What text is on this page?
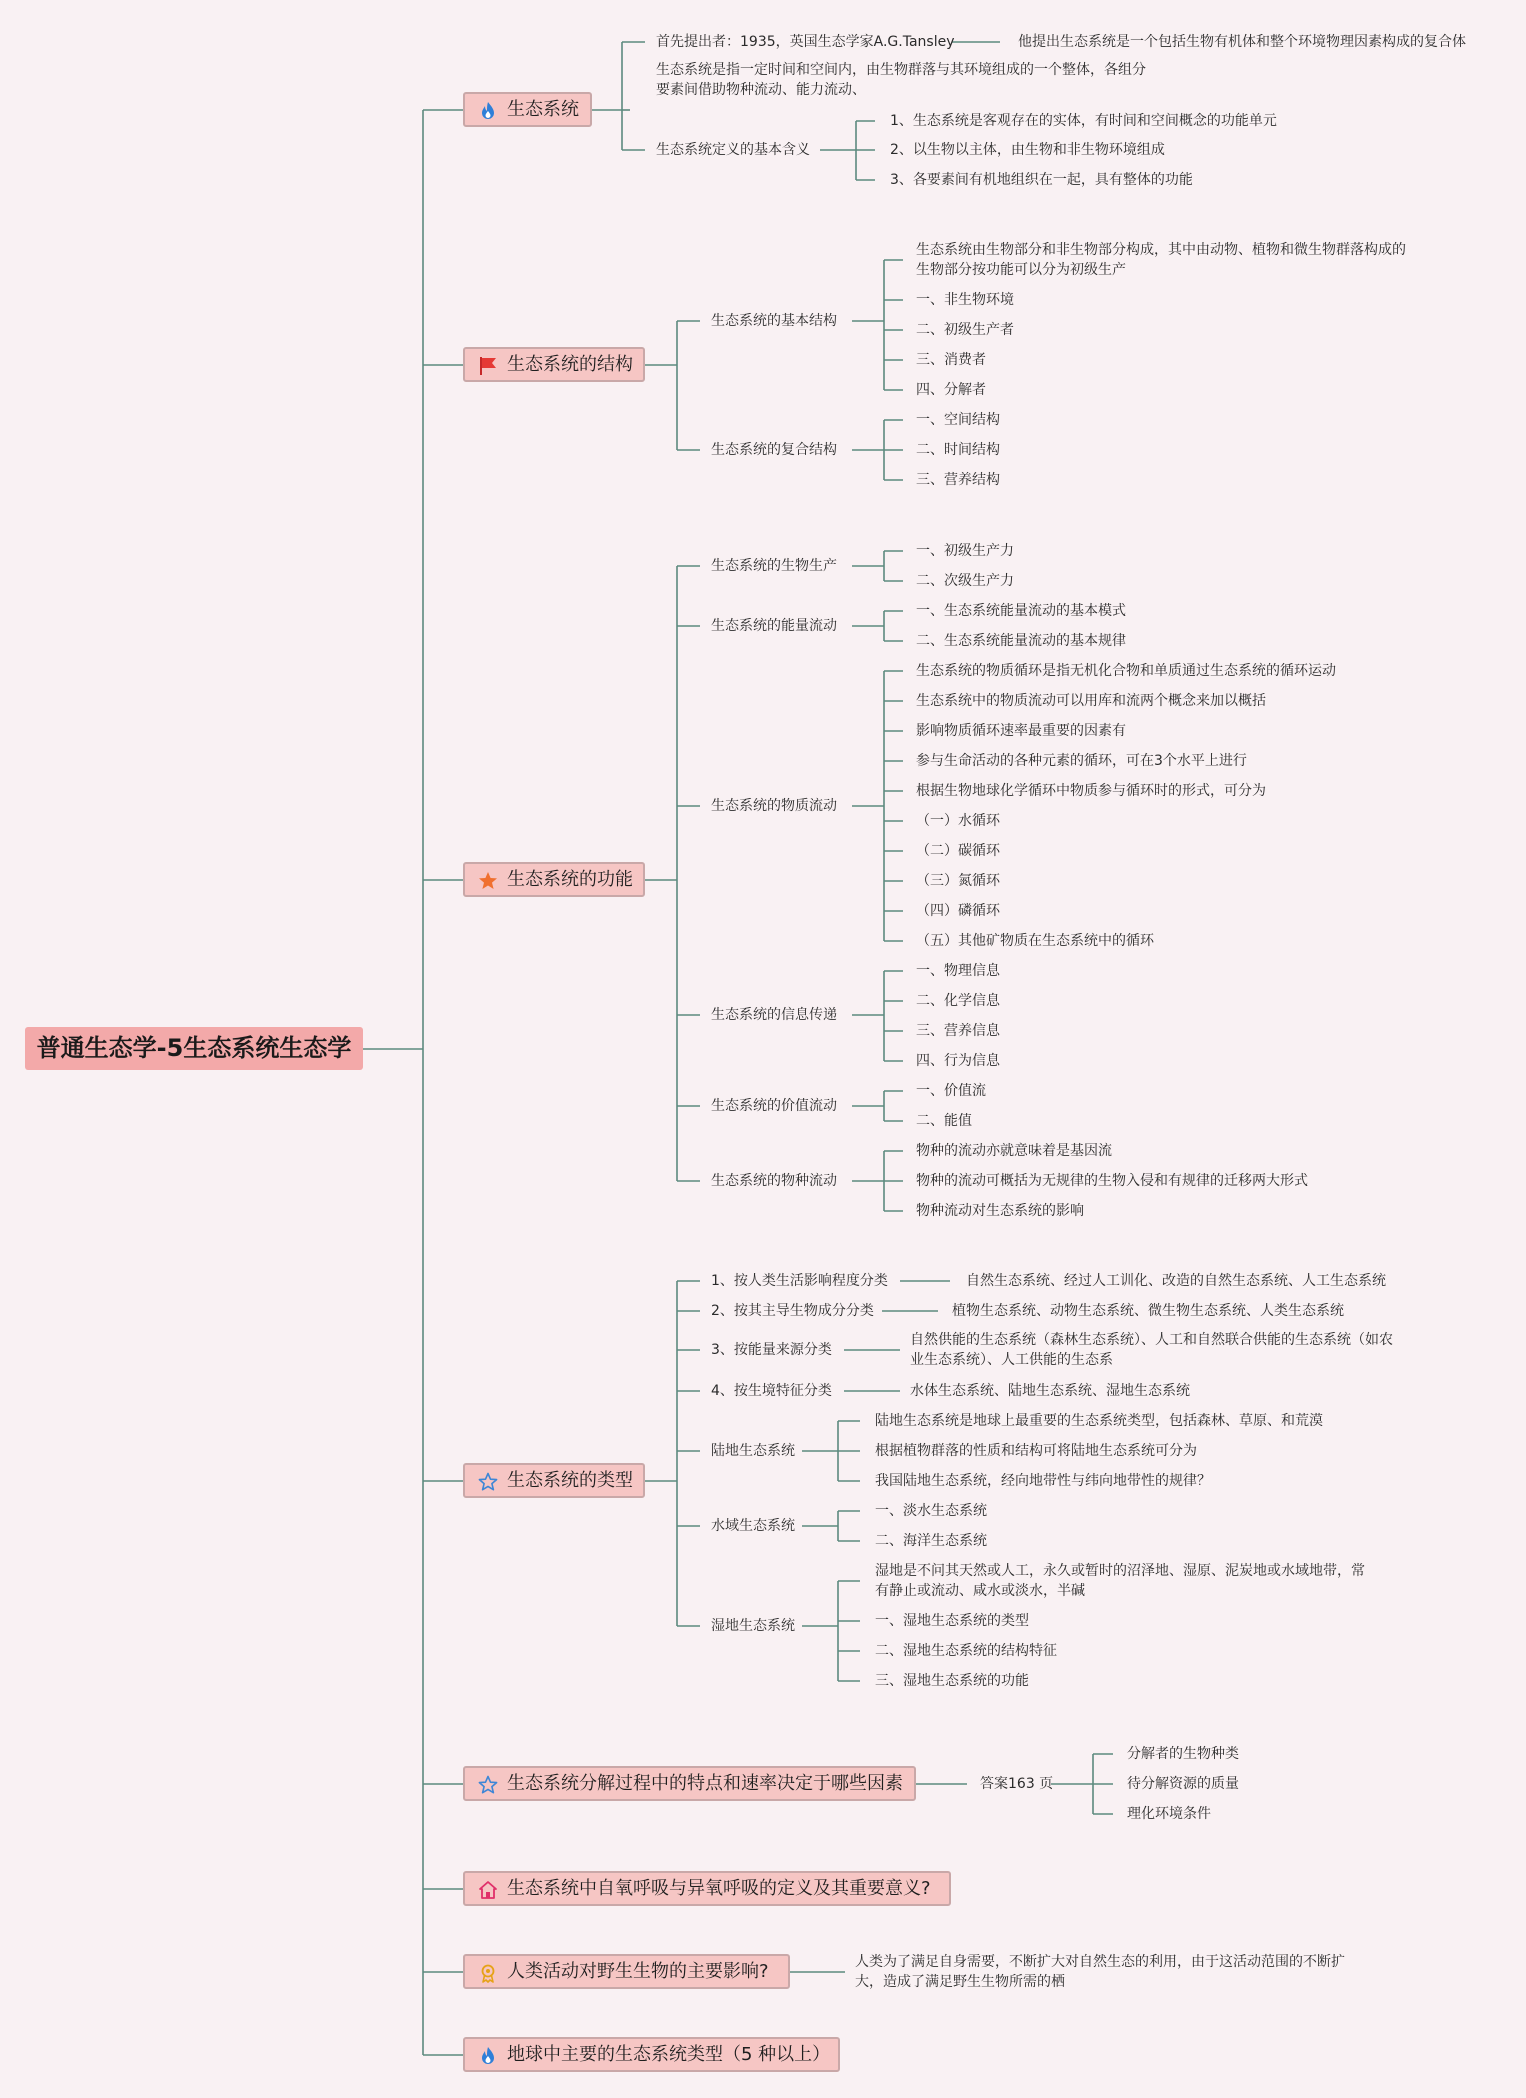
普通生态学-5生态系统生态学
生态系统
首先提出者：1935，英国生态学家A.G.Tansley	他提出生态系统是一个包括生物有机体和整个环境物理因素构成的复合体
生态系统是指一定时间和空间内，由生物群落与其环境组成的一个整体，各组分要素间借助物种流动、能力流动、
生态系统定义的基本含义
1、生态系统是客观存在的实体，有时间和空间概念的功能单元
2、以生物以主体，由生物和非生物环境组成
3、各要素间有机地组织在一起，具有整体的功能
生态系统的结构
生态系统的基本结构
生态系统由生物部分和非生物部分构成，其中由动物、植物和微生物群落构成的生物部分按功能可以分为初级生产
一、非生物环境
二、初级生产者
三、消费者
四、分解者
生态系统的复合结构
一、空间结构
二、时间结构
三、营养结构
生态系统的功能
生态系统的生物生产
一、初级生产力
二、次级生产力
生态系统的能量流动
一、生态系统能量流动的基本模式
二、生态系统能量流动的基本规律
生态系统的物质流动
生态系统的物质循环是指无机化合物和单质通过生态系统的循环运动
生态系统中的物质流动可以用库和流两个概念来加以概括
影响物质循环速率最重要的因素有
参与生命活动的各种元素的循环，可在3个水平上进行
根据生物地球化学循环中物质参与循环时的形式，可分为
（一）水循环
（二）碳循环
（三）氮循环
（四）磷循环
（五）其他矿物质在生态系统中的循环
生态系统的信息传递
一、物理信息
二、化学信息
三、营养信息
四、行为信息
生态系统的价值流动
一、价值流
二、能值
生态系统的物种流动
物种的流动亦就意味着是基因流
物种的流动可概括为无规律的生物入侵和有规律的迁移两大形式
物种流动对生态系统的影响
生态系统的类型
1、按人类生活影响程度分类	自然生态系统、经过人工训化、改造的自然生态系统、人工生态系统
2、按其主导生物成分分类	植物生态系统、动物生态系统、微生物生态系统、人类生态系统
3、按能量来源分类
自然供能的生态系统（森林生态系统）、人工和自然联合供能的生态系统（如农业生态系统）、人工供能的生态系
4、按生境特征分类	水体生态系统、陆地生态系统、湿地生态系统
陆地生态系统
陆地生态系统是地球上最重要的生态系统类型，包括森林、草原、和荒漠
根据植物群落的性质和结构可将陆地生态系统可分为
我国陆地生态系统，经向地带性与纬向地带性的规律？
水域生态系统
一、淡水生态系统
二、海洋生态系统
湿地生态系统
湿地是不问其天然或人工，永久或暂时的沼泽地、湿原、泥炭地或水域地带，常有静止或流动、咸水或淡水，半碱
一、湿地生态系统的类型
二、湿地生态系统的结构特征
三、湿地生态系统的功能
生态系统分解过程中的特点和速率决定于哪些因素	答案163 页
分解者的生物种类
待分解资源的质量
理化环境条件
生态系统中自氧呼吸与异氧呼吸的定义及其重要意义?
人类活动对野生生物的主要影响?	人类为了满足自身需要，不断扩大对自然生态的利用，由于这活动范围的不断扩大，造成了满足野生生物所需的栖
地球中主要的生态系统类型（5 种以上）
